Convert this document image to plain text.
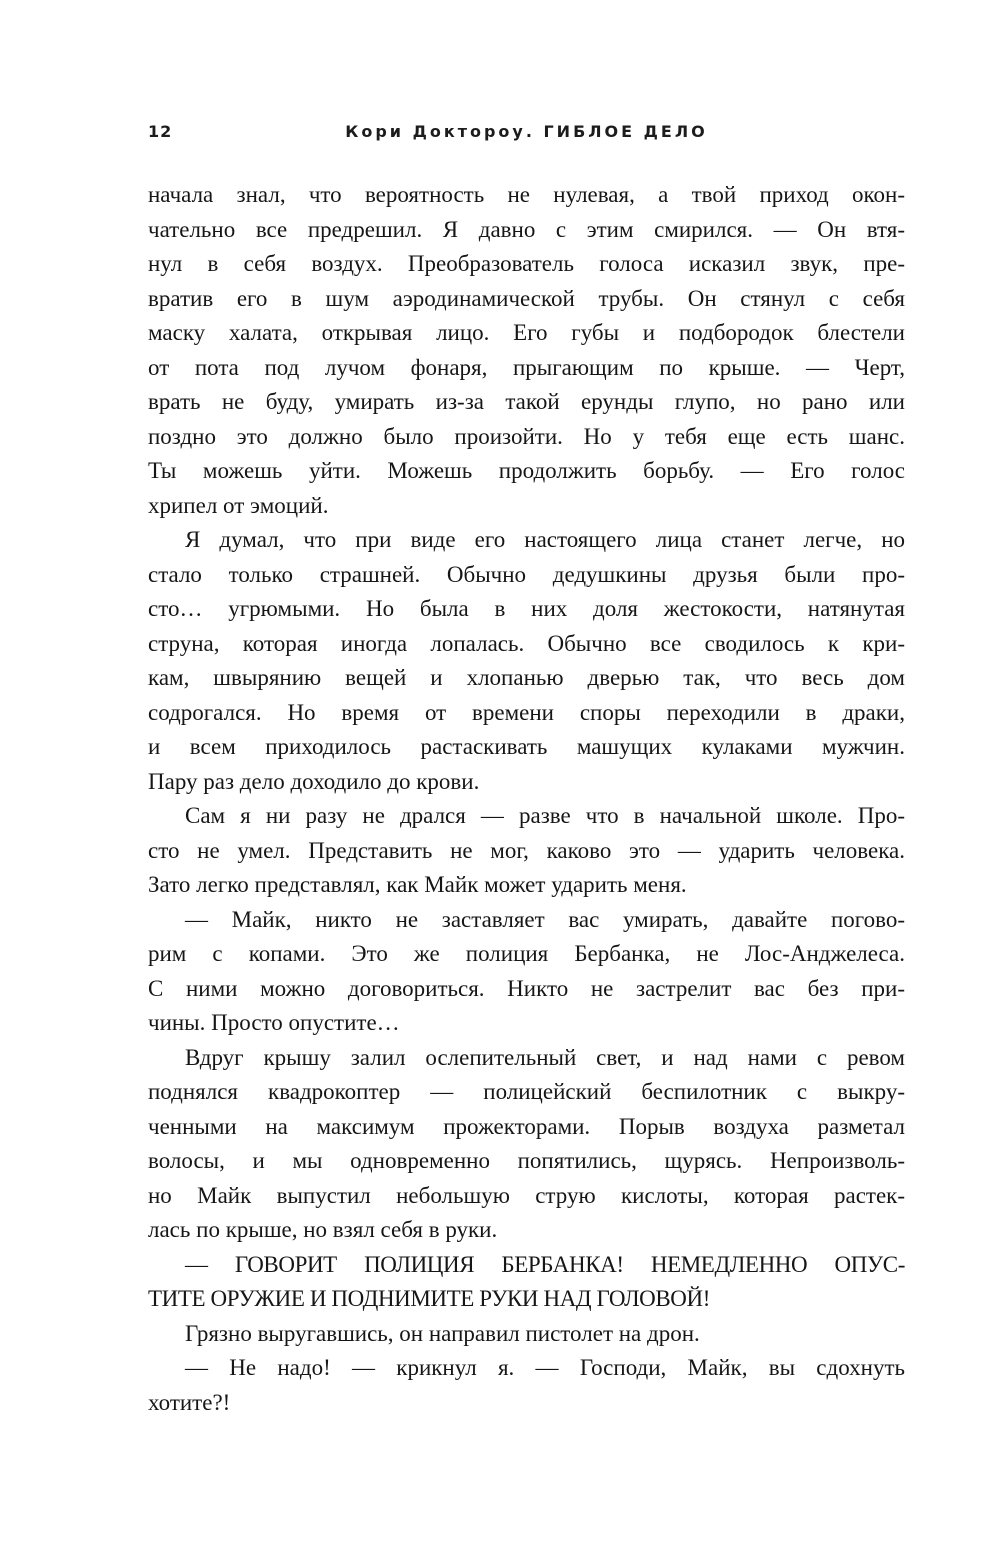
12	Кори Доктороу. ГИБЛОЕ ДЕЛО
начала знал, что вероятность не нулевая, а твой приход окон-
чательно все предрешил. Я давно с этим смирился. — Он втя-
нул в себя воздух. Преобразователь голоса исказил звук, пре-
вратив его в шум аэродинамической трубы. Он стянул с себя
маску халата, открывая лицо. Его губы и подбородок блестели
от пота под лучом фонаря, прыгающим по крыше. — Черт,
врать не буду, умирать из-за такой ерунды глупо, но рано или
поздно это должно было произойти. Но у тебя еще есть шанс.
Ты можешь уйти. Можешь продолжить борьбу. — Его голос
хрипел от эмоций.
Я думал, что при виде его настоящего лица станет легче, но
стало только страшней. Обычно дедушкины друзья были про-
сто… угрюмыми. Но была в них доля жестокости, натянутая
струна, которая иногда лопалась. Обычно все сводилось к кри-
кам, швырянию вещей и хлопанью дверью так, что весь дом
содрогался. Но время от времени споры переходили в драки,
и всем приходилось растаскивать машущих кулаками мужчин.
Пару раз дело доходило до крови.
Сам я ни разу не дрался — разве что в начальной школе. Про-
сто не умел. Представить не мог, каково это — ударить человека.
Зато легко представлял, как Майк может ударить меня.
— Майк, никто не заставляет вас умирать, давайте погово-
рим с копами. Это же полиция Бербанка, не Лос-Анджелеса.
С ними можно договориться. Никто не застрелит вас без при-
чины. Просто опустите…
Вдруг крышу залил ослепительный свет, и над нами с ревом
поднялся квадрокоптер — полицейский беспилотник с выкру-
ченными на максимум прожекторами. Порыв воздуха разметал
волосы, и мы одновременно попятились, щурясь. Непроизволь-
но Майк выпустил небольшую струю кислоты, которая растек-
лась по крыше, но взял себя в руки.
— ГОВОРИТ ПОЛИЦИЯ БЕРБАНКА! НЕМЕДЛЕННО ОПУС-
ТИТЕ ОРУЖИЕ И ПОДНИМИТЕ РУКИ НАД ГОЛОВОЙ!
Грязно выругавшись, он направил пистолет на дрон.
— Не надо! — крикнул я. — Господи, Майк, вы сдохнуть
хотите?!
